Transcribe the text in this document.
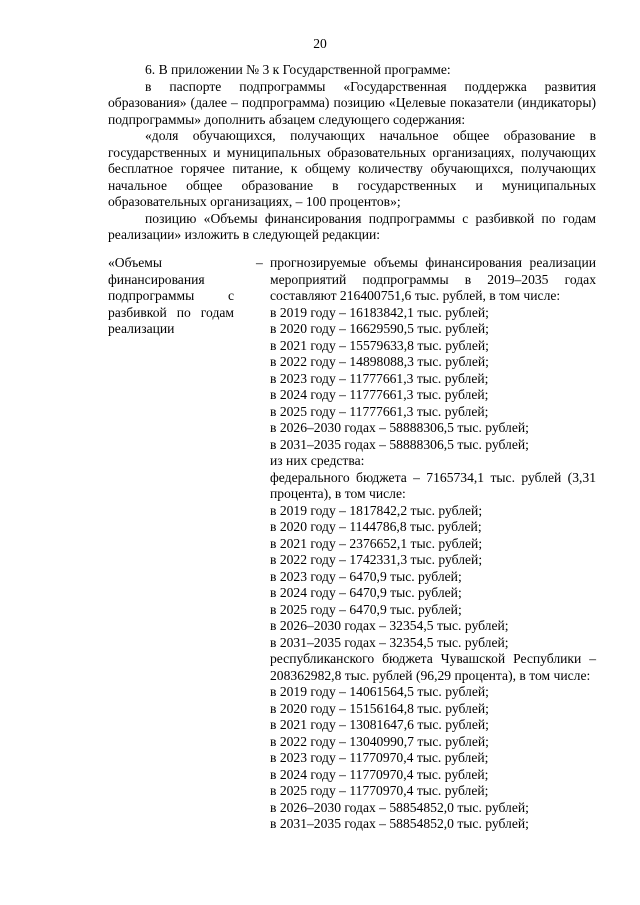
20

6. В приложении № 3 к Государственной программе:

в паспорте подпрограммы «Государственная поддержка развития образования» (далее – подпрограмма) позицию «Целевые показатели (индикаторы) подпрограммы» дополнить абзацем следующего содержания:

«доля обучающихся, получающих начальное общее образование в государственных и муниципальных образовательных организациях, получающих бесплатное горячее питание, к общему количеству обучающихся, получающих начальное общее образование в государственных и муниципальных образовательных организациях, – 100 процентов»;

позицию «Объемы финансирования подпрограммы с разбивкой по годам реализации» изложить в следующей редакции:

«Объемы финансирования подпрограммы с разбивкой по годам реализации
– прогнозируемые объемы финансирования реализации мероприятий подпрограммы в 2019–2035 годах составляют 216400751,6 тыс. рублей, в том числе:

в 2019 году – 16183842,1 тыс. рублей;

в 2020 году – 16629590,5 тыс. рублей;

в 2021 году – 15579633,8 тыс. рублей;

в 2022 году – 14898088,3 тыс. рублей;

в 2023 году – 11777661,3 тыс. рублей;

в 2024 году – 11777661,3 тыс. рублей;

в 2025 году – 11777661,3 тыс. рублей;

в 2026–2030 годах – 58888306,5 тыс. рублей;

в 2031–2035 годах – 58888306,5 тыс. рублей;

из них средства:

федерального бюджета – 7165734,1 тыс. рублей (3,31 процента), в том числе:

в 2019 году – 1817842,2 тыс. рублей;

в 2020 году – 1144786,8 тыс. рублей;

в 2021 году – 2376652,1 тыс. рублей;

в 2022 году – 1742331,3 тыс. рублей;

в 2023 году – 6470,9 тыс. рублей;

в 2024 году – 6470,9 тыс. рублей;

в 2025 году – 6470,9 тыс. рублей;

в 2026–2030 годах – 32354,5 тыс. рублей;

в 2031–2035 годах – 32354,5 тыс. рублей;

республиканского бюджета Чувашской Республики – 208362982,8 тыс. рублей (96,29 процента), в том числе:

в 2019 году – 14061564,5 тыс. рублей;

в 2020 году – 15156164,8 тыс. рублей;

в 2021 году – 13081647,6 тыс. рублей;

в 2022 году – 13040990,7 тыс. рублей;

в 2023 году – 11770970,4 тыс. рублей;

в 2024 году – 11770970,4 тыс. рублей;

в 2025 году – 11770970,4 тыс. рублей;

в 2026–2030 годах – 58854852,0 тыс. рублей;

в 2031–2035 годах – 58854852,0 тыс. рублей;
